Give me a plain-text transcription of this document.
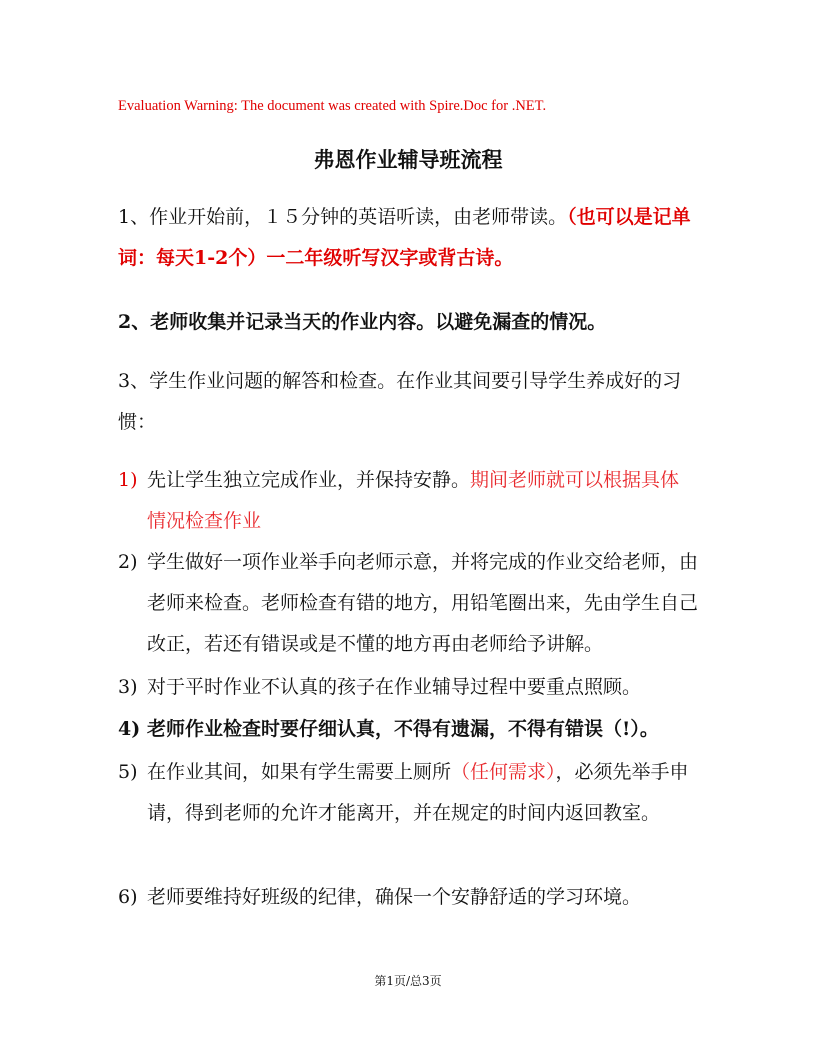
Evaluation Warning: The document was created with Spire.Doc for .NET.
弗恩作业辅导班流程
1、作业开始前，１５分钟的英语听读，由老师带读。（也可以是记单词：每天1-2个）一二年级听写汉字或背古诗。
2、老师收集并记录当天的作业内容。以避免漏查的情况。
3、学生作业问题的解答和检查。在作业其间要引导学生养成好的习惯：
1) 先让学生独立完成作业，并保持安静。期间老师就可以根据具体情况检查作业
2) 学生做好一项作业举手向老师示意，并将完成的作业交给老师，由老师来检查。老师检查有错的地方，用铅笔圈出来，先由学生自己改正，若还有错误或是不懂的地方再由老师给予讲解。
3) 对于平时作业不认真的孩子在作业辅导过程中要重点照顾。
4) 老师作业检查时要仔细认真，不得有遗漏，不得有错误（!）。
5) 在作业其间，如果有学生需要上厕所（任何需求），必须先举手申请，得到老师的允许才能离开，并在规定的时间内返回教室。
6) 老师要维持好班级的纪律，确保一个安静舒适的学习环境。
第1页/总3页
